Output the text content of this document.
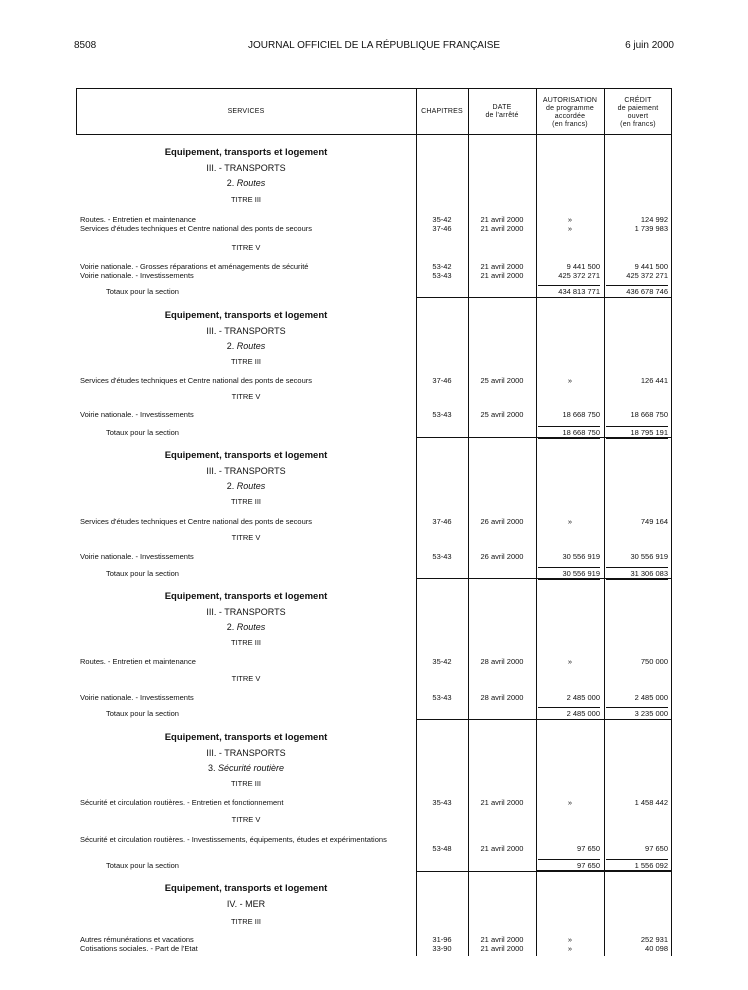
8508	JOURNAL OFFICIEL DE LA RÉPUBLIQUE FRANÇAISE	6 juin 2000
SERVICES	CHAPITRES
DATE
de l'arrêté
AUTORISATION
de programme
accordée
(en francs)
CRÉDIT
de paiement
ouvert
(en francs)
Equipement, transports et logement
III. - TRANSPORTS
2. Routes
TITRE III
Routes. - Entretien et maintenance	35-42	21 avril 2000	»	124 992
Services d'études techniques et Centre national des ponts de secours	37-46	21 avril 2000	»	1 739 983
TITRE V
Voirie nationale. - Grosses réparations et aménagements de sécurité	53-42	21 avril 2000	9 441 500	9 441 500
Voirie nationale. - Investissements	53-43	21 avril 2000	425 372 271	425 372 271
Totaux pour la section	434 813 771	436 678 746
Equipement, transports et logement
III. - TRANSPORTS
2. Routes
TITRE III
Services d'études techniques et Centre national des ponts de secours	37-46	25 avril 2000	»	126 441
TITRE V
Voirie nationale. - Investissements	53-43	25 avril 2000	18 668 750	18 668 750
Totaux pour la section	18 668 750	18 795 191
Equipement, transports et logement
III. - TRANSPORTS
2. Routes
TITRE III
Services d'études techniques et Centre national des ponts de secours	37-46	26 avril 2000	»	749 164
TITRE V
Voirie nationale. - Investissements	53-43	26 avril 2000	30 556 919	30 556 919
Totaux pour la section	30 556 919	31 306 083
Equipement, transports et logement
III. - TRANSPORTS
2. Routes
TITRE III
Routes. - Entretien et maintenance	35-42	28 avril 2000	»	750 000
TITRE V
Voirie nationale. - Investissements	53-43	28 avril 2000	2 485 000	2 485 000
Totaux pour la section	2 485 000	3 235 000
Equipement, transports et logement
III. - TRANSPORTS
3. Sécurité routière
TITRE III
Sécurité et circulation routières. - Entretien et fonctionnement	35-43	21 avril 2000	»	1 458 442
TITRE V
Sécurité et circulation routières. - Investissements, équipements, études et expérimentations
53-48	21 avril 2000	97 650	97 650
Totaux pour la section	97 650	1 556 092
Equipement, transports et logement
IV. - MER
TITRE III
Autres rémunérations et vacations	31-96	21 avril 2000	»	252 931
Cotisations sociales. - Part de l'Etat	33-90	21 avril 2000	»	40 098
